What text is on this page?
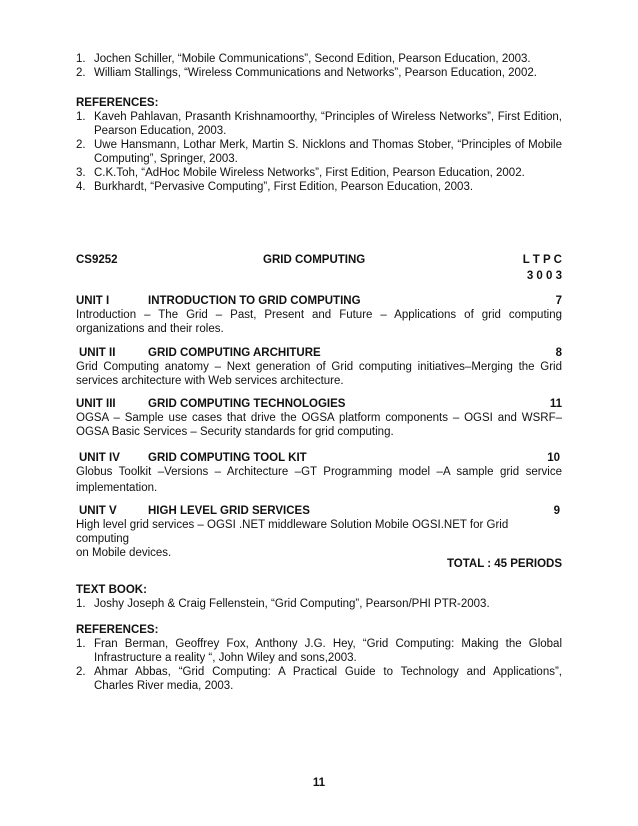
1. Jochen Schiller, “Mobile Communications”, Second Edition, Pearson Education, 2003.
2. William Stallings, “Wireless Communications and Networks”, Pearson Education, 2002.
REFERENCES:
1. Kaveh Pahlavan, Prasanth Krishnamoorthy, “Principles of Wireless Networks”, First Edition,
Pearson Education, 2003.
2. Uwe Hansmann, Lothar Merk, Martin S. Nicklons and Thomas Stober, “Principles of Mobile
Computing”, Springer, 2003.
3. C.K.Toh, “AdHoc Mobile Wireless Networks”, First Edition, Pearson Education, 2002.
4. Burkhardt, “Pervasive Computing”, First Edition, Pearson Education, 2003.
CS9252	GRID COMPUTING	L T P C
3 0 0 3
UNIT I	INTRODUCTION TO GRID COMPUTING	7
Introduction – The Grid – Past, Present and Future – Applications of grid computing
organizations and their roles.
UNIT II	GRID COMPUTING ARCHITURE	8
Grid Computing anatomy – Next generation of Grid computing initiatives–Merging the Grid
services architecture with Web services architecture.
UNIT III	GRID COMPUTING TECHNOLOGIES	11
OGSA – Sample use cases that drive the OGSA platform components – OGSI and WSRF–
OGSA Basic Services – Security standards for grid computing.
UNIT IV GRID COMPUTING TOOL KIT	10
Globus Toolkit –Versions – Architecture –GT Programming model –A sample grid service
implementation.
UNIT V	HIGH LEVEL GRID SERVICES	9
High level grid services – OGSI .NET middleware Solution Mobile OGSI.NET for Grid computing
on Mobile devices.
TOTAL : 45 PERIODS
TEXT BOOK:
1. Joshy Joseph & Craig Fellenstein, “Grid Computing”, Pearson/PHI PTR-2003.
REFERENCES:
1. Fran Berman, Geoffrey Fox, Anthony J.G. Hey, “Grid Computing: Making the Global
Infrastructure a reality “, John Wiley and sons,2003.
2. Ahmar Abbas, “Grid Computing: A Practical Guide to Technology and Applications”,
Charles River media, 2003.
11
